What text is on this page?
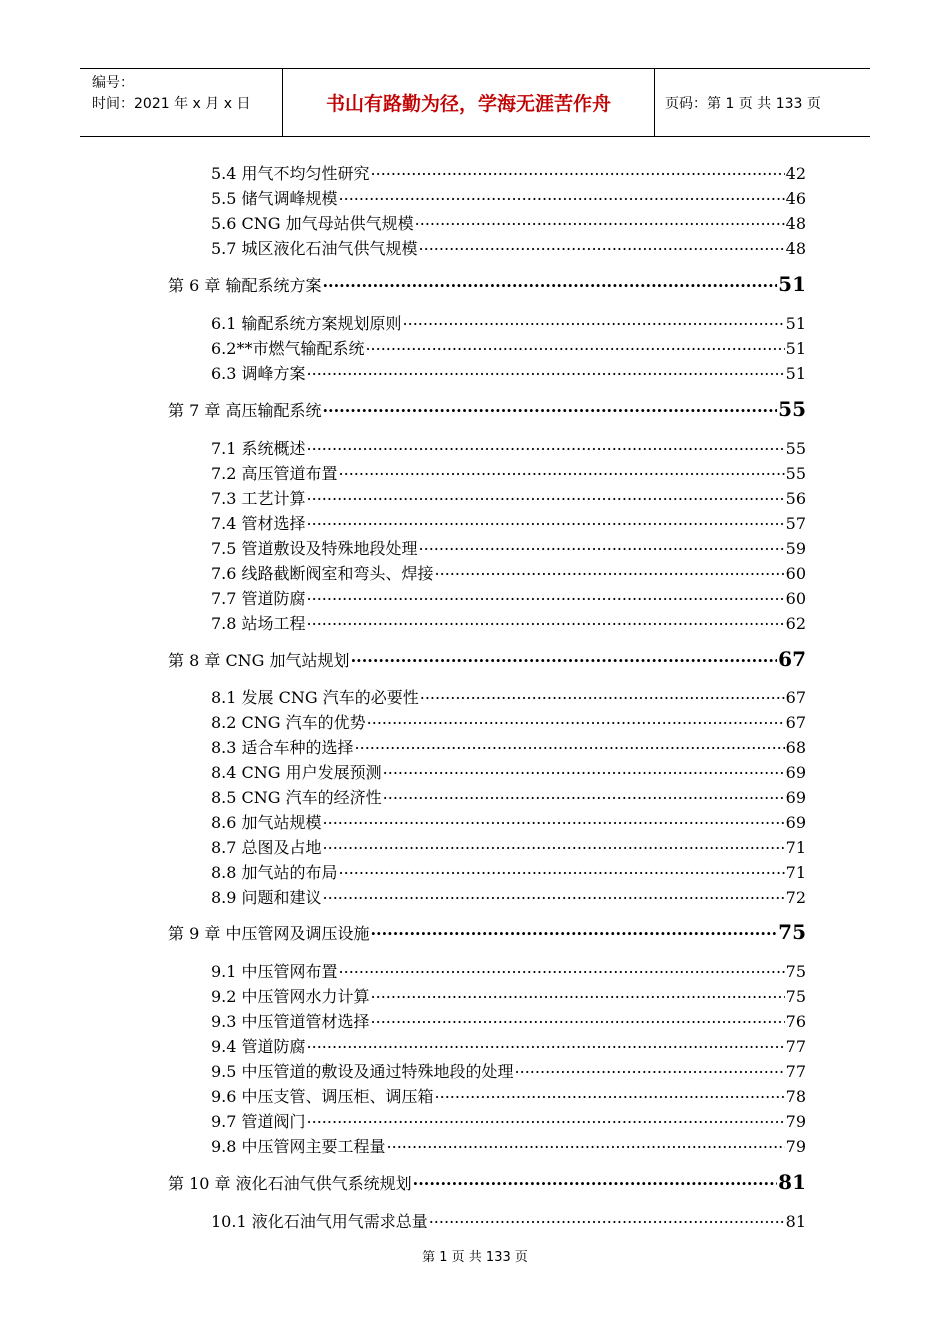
编号：
时间：2021 年 x 月 x 日	书山有路勤为径，学海无涯苦作舟	页码：第 1 页 共 133 页
5.4 用气不均匀性研究 .....	42
5.5 储气调峰规模 .....	46
5.6 CNG 加气母站供气规模 .....	48
5.7 城区液化石油气供气规模 .....	48
第 6 章 输配系统方案 .....	51
6.1 输配系统方案规划原则 .....	51
6.2**市燃气输配系统 .....	51
6.3 调峰方案 .....	51
第 7 章 高压输配系统 .....	55
7.1 系统概述 .....	55
7.2 高压管道布置 .....	55
7.3 工艺计算 .....	56
7.4 管材选择 .....	57
7.5 管道敷设及特殊地段处理 .....	59
7.6 线路截断阀室和弯头、焊接 .....	60
7.7 管道防腐 .....	60
7.8 站场工程 .....	62
第 8 章 CNG 加气站规划 .....	67
8.1 发展 CNG 汽车的必要性 .....	67
8.2 CNG 汽车的优势 .....	67
8.3 适合车种的选择 .....	68
8.4 CNG 用户发展预测 .....	69
8.5 CNG 汽车的经济性 .....	69
8.6 加气站规模 .....	69
8.7 总图及占地 .....	71
8.8 加气站的布局 .....	71
8.9 问题和建议 .....	72
第 9 章 中压管网及调压设施 .....	75
9.1 中压管网布置 .....	75
9.2 中压管网水力计算 .....	75
9.3 中压管道管材选择 .....	76
9.4 管道防腐 .....	77
9.5 中压管道的敷设及通过特殊地段的处理 .....	77
9.6 中压支管、调压柜、调压箱 .....	78
9.7 管道阀门 .....	79
9.8 中压管网主要工程量 .....	79
第 10 章 液化石油气供气系统规划 .....	81
10.1 液化石油气用气需求总量 .....	81
第 1 页 共 133 页
